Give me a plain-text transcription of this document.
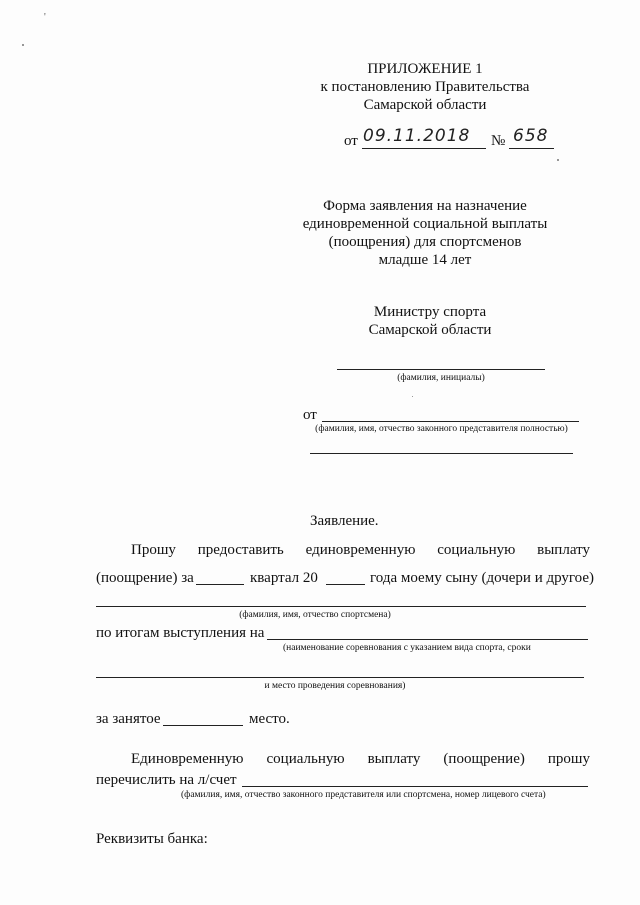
'
ПРИЛОЖЕНИЕ 1
к постановлению Правительства
Самарской области
от 09.11.2018 № 658
Форма заявления на назначение
единовременной социальной выплаты
(поощрения) для спортсменов
младше 14 лет
Министру спорта
Самарской области
(фамилия, инициалы)
от
(фамилия, имя, отчество законного представителя полностью)
Заявление.
Прошу предоставить единовременную социальную выплату
(поощрение) за	квартал 20	года моему сыну (дочери и другое)
(фамилия, имя, отчество спортсмена)
по итогам выступления на
(наименование соревнования с указанием вида спорта, сроки
и место проведения соревнования)
за занятое	место.
Единовременную социальную выплату (поощрение) прошу
перечислить на л/счет
(фамилия, имя, отчество законного представителя или спортсмена, номер лицевого счета)
Реквизиты банка:
